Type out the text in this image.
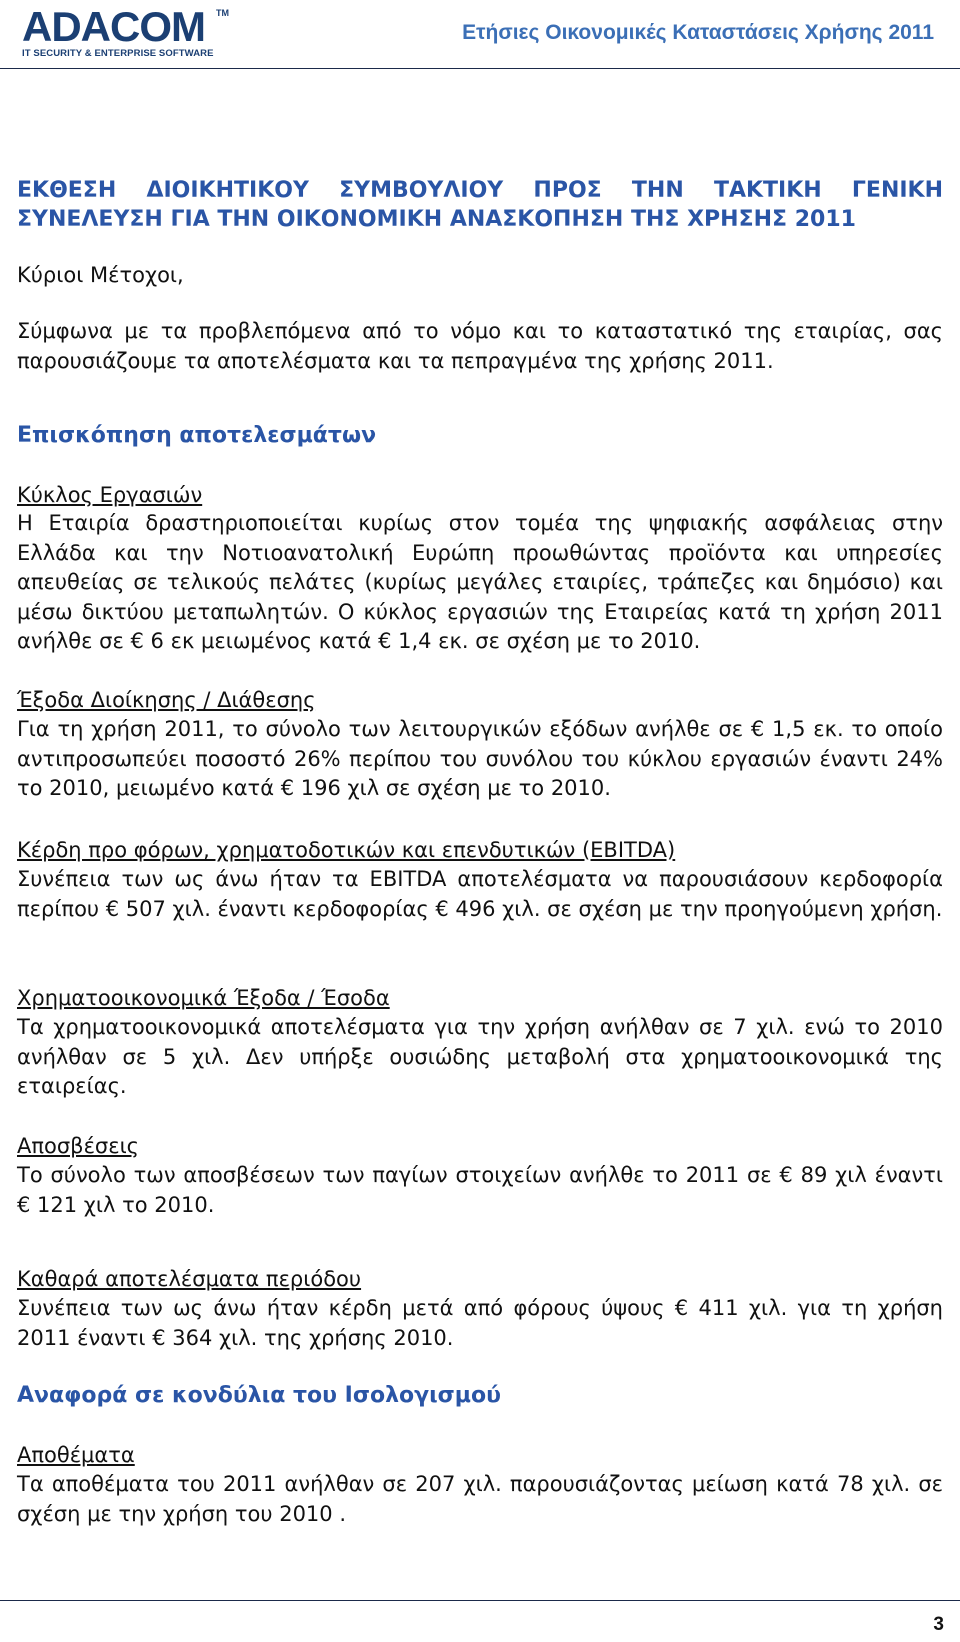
ADACOM TM
IT SECURITY & ENTERPRISE SOFTWARE
Ετήσιες Οικονομικές Καταστάσεις Χρήσης 2011
ΕΚΘΕΣΗ ΔΙΟΙΚΗΤΙΚΟΥ ΣΥΜΒΟΥΛΙΟΥ ΠΡΟΣ ΤΗΝ ΤΑΚΤΙΚΗ ΓΕΝΙΚΗ
ΣΥΝΕΛΕΥΣΗ ΓΙΑ ΤΗΝ ΟΙΚΟΝΟΜΙΚΗ ΑΝΑΣΚΟΠΗΣΗ ΤΗΣ ΧΡΗΣΗΣ 2011
Κύριοι Μέτοχοι,
Σύμφωνα με τα προβλεπόμενα από το νόμο και το καταστατικό της εταιρίας, σας παρουσιάζουμε τα αποτελέσματα και τα πεπραγμένα της χρήσης 2011.
Επισκόπηση αποτελεσμάτων
Κύκλος Εργασιών
Η Εταιρία δραστηριοποιείται κυρίως στον τομέα της ψηφιακής ασφάλειας στην Ελλάδα και την Νοτιοανατολική Ευρώπη προωθώντας προϊόντα και υπηρεσίες απευθείας σε τελικούς πελάτες (κυρίως μεγάλες εταιρίες, τράπεζες και δημόσιο) και μέσω δικτύου μεταπωλητών. Ο κύκλος εργασιών της Εταιρείας κατά τη χρήση 2011 ανήλθε σε € 6 εκ μειωμένος κατά € 1,4 εκ. σε σχέση με το 2010.
Έξοδα Διοίκησης / Διάθεσης
Για τη χρήση 2011, το σύνολο των λειτουργικών εξόδων ανήλθε σε € 1,5 εκ. το οποίο αντιπροσωπεύει ποσοστό 26% περίπου του συνόλου του κύκλου εργασιών έναντι 24% το 2010, μειωμένο κατά € 196 χιλ σε σχέση με το 2010.
Κέρδη προ φόρων, χρηματοδοτικών και επενδυτικών (EBITDA)
Συνέπεια των ως άνω ήταν τα EBITDA αποτελέσματα να παρουσιάσουν κερδοφορία περίπου € 507 χιλ. έναντι κερδοφορίας € 496 χιλ. σε σχέση με την προηγούμενη χρήση.
Χρηματοοικονομικά Έξοδα / Έσοδα
Τα χρηματοοικονομικά αποτελέσματα για την χρήση ανήλθαν σε 7 χιλ. ενώ το 2010 ανήλθαν σε 5 χιλ. Δεν υπήρξε ουσιώδης μεταβολή στα χρηματοοικονομικά της εταιρείας.
Αποσβέσεις
Το σύνολο των αποσβέσεων των παγίων στοιχείων ανήλθε το 2011 σε € 89 χιλ έναντι € 121 χιλ το 2010.
Καθαρά αποτελέσματα περιόδου
Συνέπεια των ως άνω ήταν κέρδη μετά από φόρους ύψους € 411 χιλ. για τη χρήση 2011 έναντι € 364 χιλ. της χρήσης 2010.
Αναφορά σε κονδύλια του Ισολογισμού
Αποθέματα
Τα αποθέματα του 2011 ανήλθαν σε 207 χιλ. παρουσιάζοντας μείωση κατά 78 χιλ. σε σχέση με την χρήση του 2010 .
3
